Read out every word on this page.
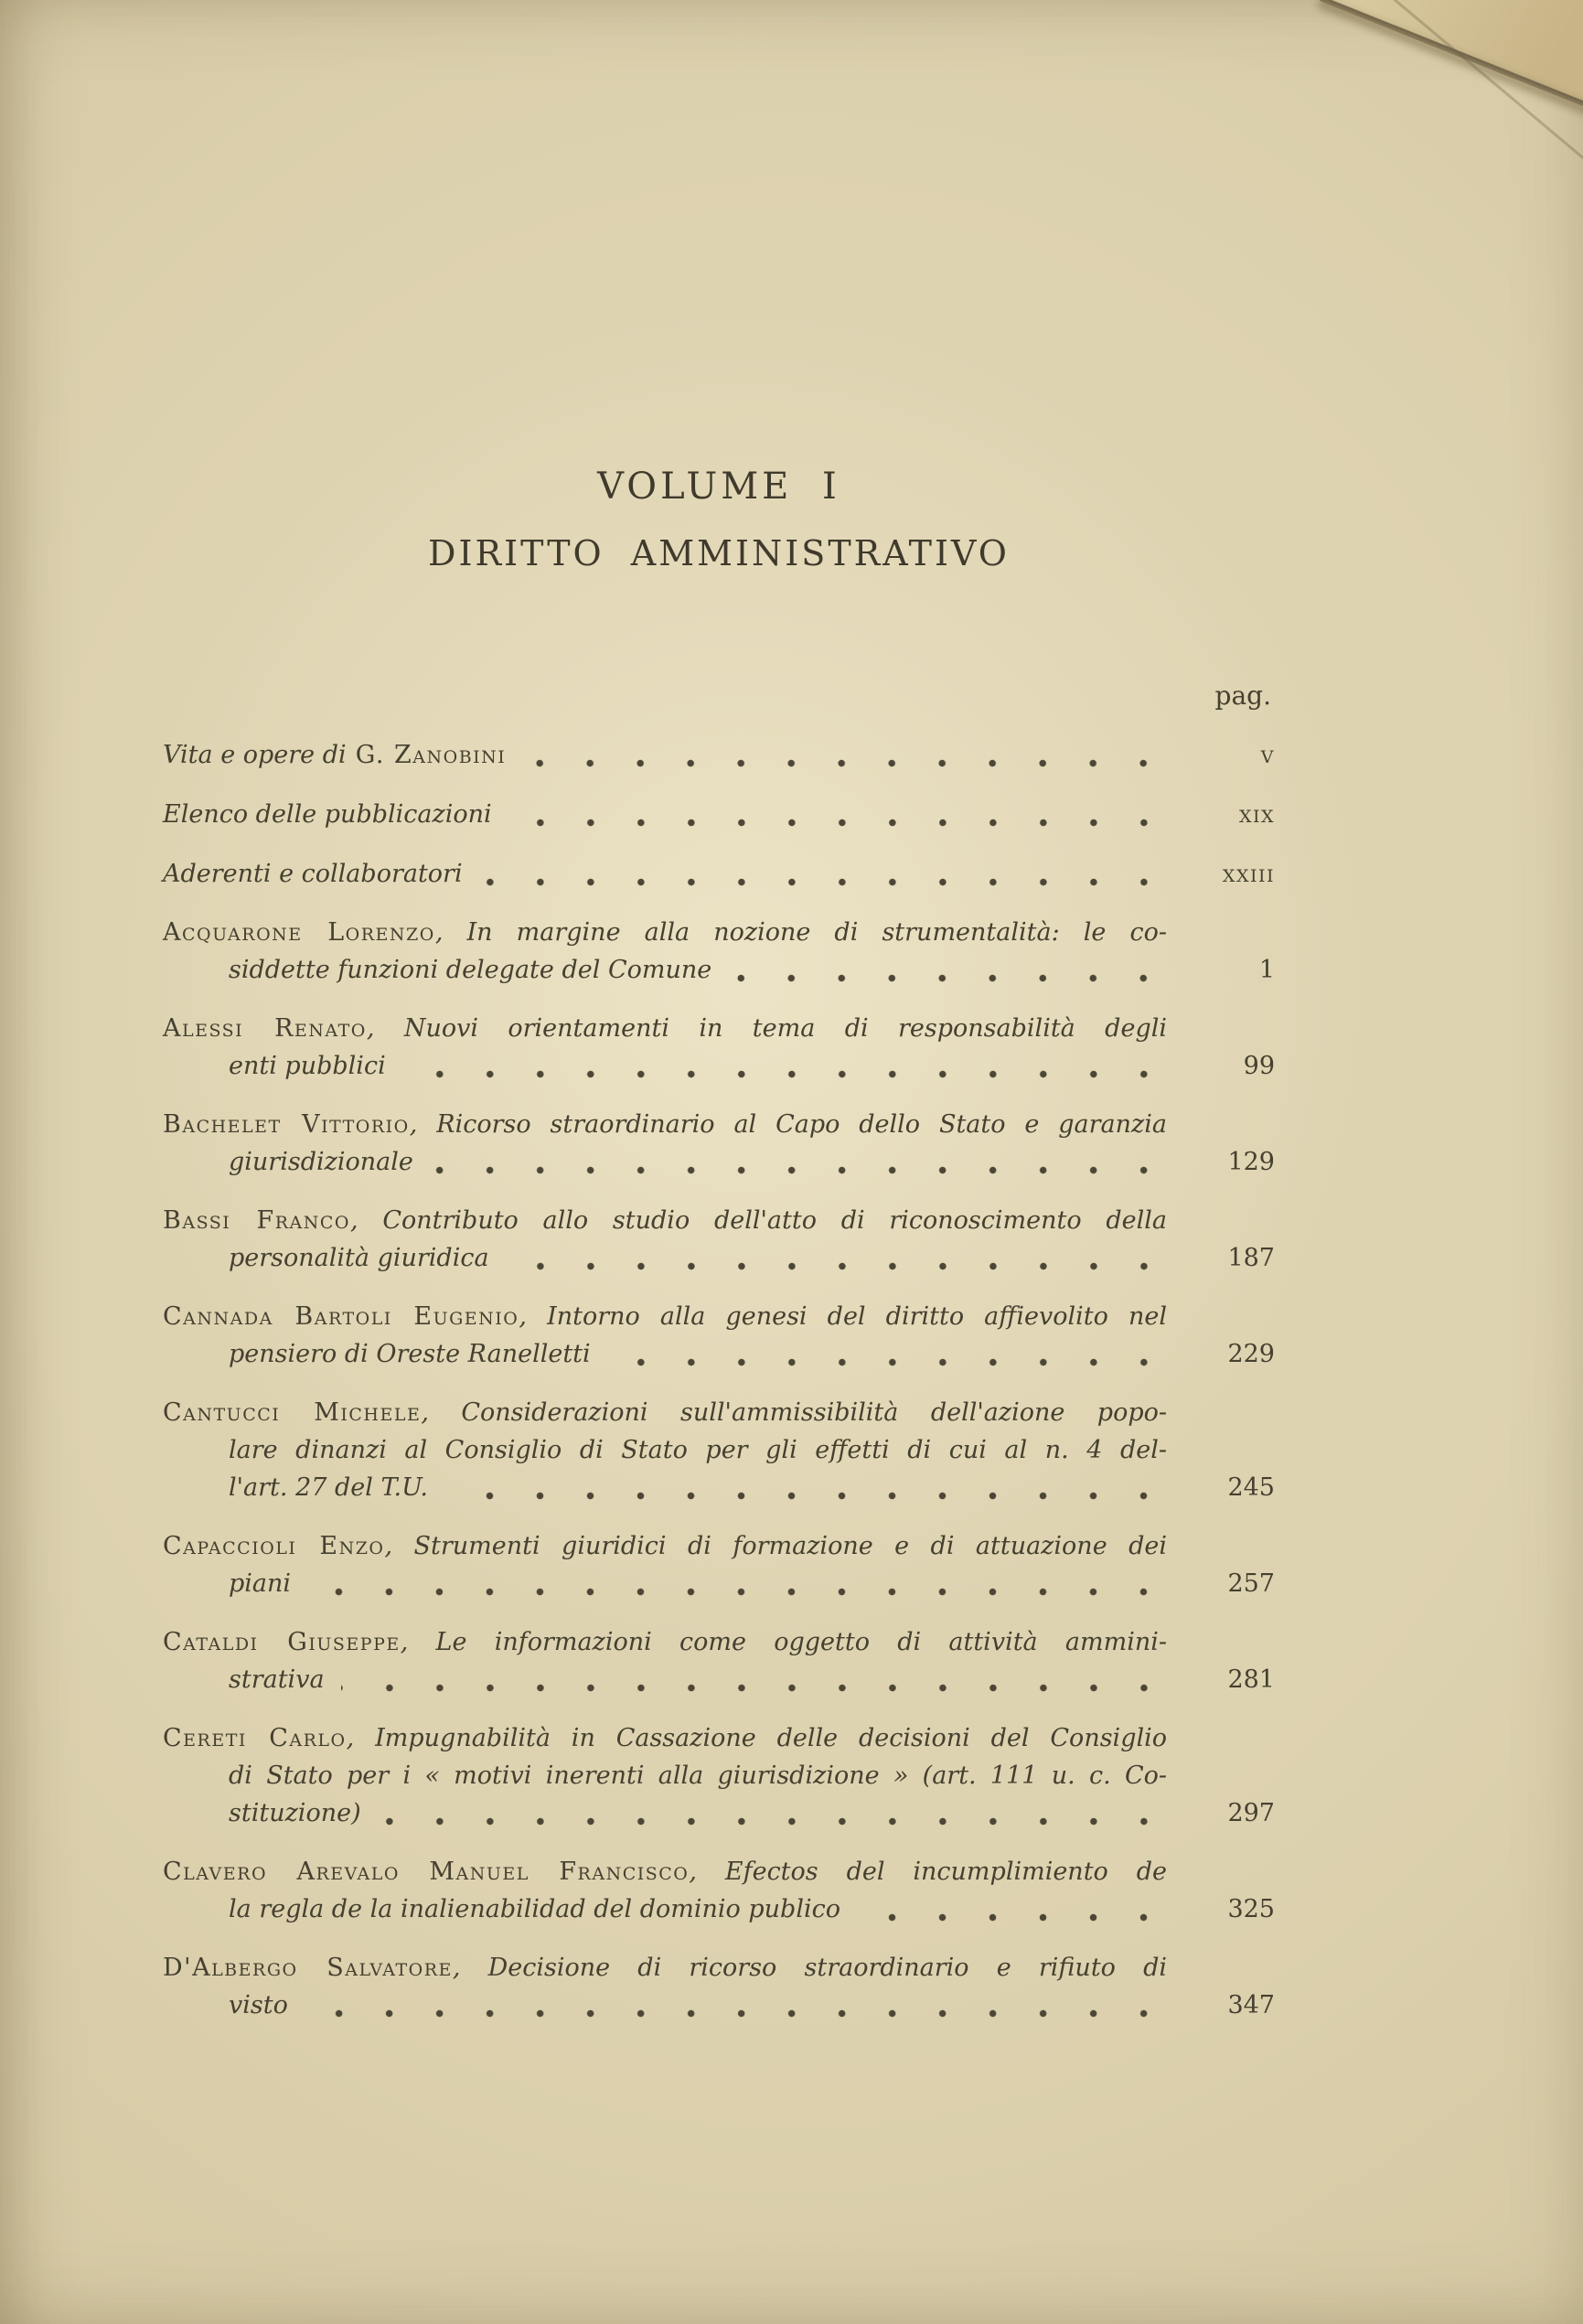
VOLUME I
DIRITTO AMMINISTRATIVO
pag.
Vita e opere di G. Zanobini	v
Elenco delle pubblicazioni	xix
Aderenti e collaboratori	xxiii
Acquarone Lorenzo, In margine alla nozione di strumentalità: le co-
siddette funzioni delegate del Comune	1
Alessi Renato, Nuovi orientamenti in tema di responsabilità degli
enti pubblici	99
Bachelet Vittorio, Ricorso straordinario al Capo dello Stato e garanzia
giurisdizionale	129
Bassi Franco, Contributo allo studio dell'atto di riconoscimento della
personalità giuridica	187
Cannada Bartoli Eugenio, Intorno alla genesi del diritto affievolito nel
pensiero di Oreste Ranelletti	229
Cantucci Michele, Considerazioni sull'ammissibilità dell'azione popo-
lare dinanzi al Consiglio di Stato per gli effetti di cui al n. 4 del-
l'art. 27 del T.U.	245
Capaccioli Enzo, Strumenti giuridici di formazione e di attuazione dei
piani	257
Cataldi Giuseppe, Le informazioni come oggetto di attività ammini-
strativa	281
Cereti Carlo, Impugnabilità in Cassazione delle decisioni del Consiglio
di Stato per i « motivi inerenti alla giurisdizione » (art. 111 u. c. Co-
stituzione)	297
Clavero Arevalo Manuel Francisco, Efectos del incumplimiento de
la regla de la inalienabilidad del dominio publico	325
D'Albergo Salvatore, Decisione di ricorso straordinario e rifiuto di
visto	347
